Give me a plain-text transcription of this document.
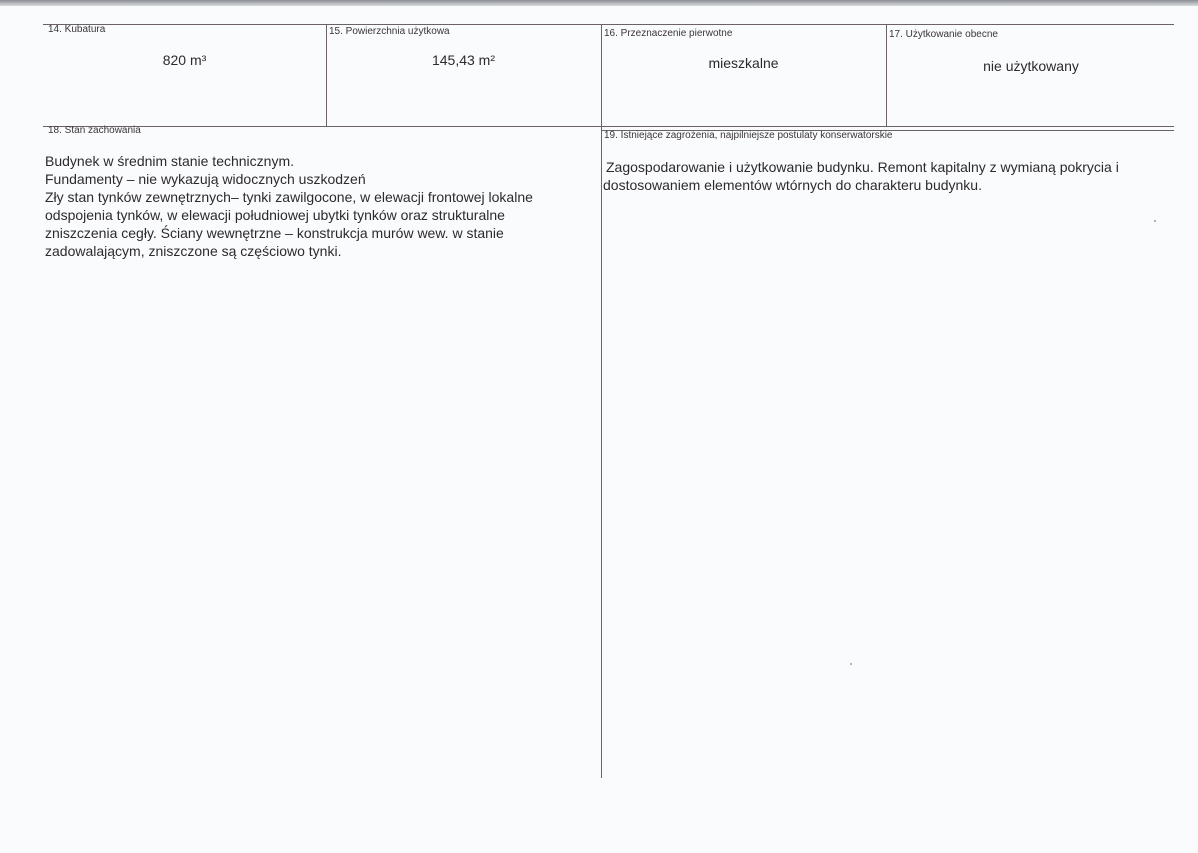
14. Kubatura
820 m³
15. Powierzchnia użytkowa
145,43 m²
16. Przeznaczenie pierwotne
mieszkalne
17. Użytkowanie obecne
nie użytkowany
18. Stan zachowania
Budynek w średnim stanie technicznym.
Fundamenty – nie wykazują widocznych uszkodzeń
Zły stan tynków zewnętrznych– tynki zawilgocone, w elewacji frontowej lokalne
odspojenia tynków, w elewacji południowej ubytki tynków oraz strukturalne
zniszczenia cegły. Ściany wewnętrzne – konstrukcja murów wew. w stanie
zadowalającym, zniszczone są częściowo tynki.
19. Istniejące zagrożenia, najpilniejsze postulaty konserwatorskie
Zagospodarowanie i użytkowanie budynku. Remont kapitalny z wymianą pokrycia i
dostosowaniem elementów wtórnych do charakteru budynku.
